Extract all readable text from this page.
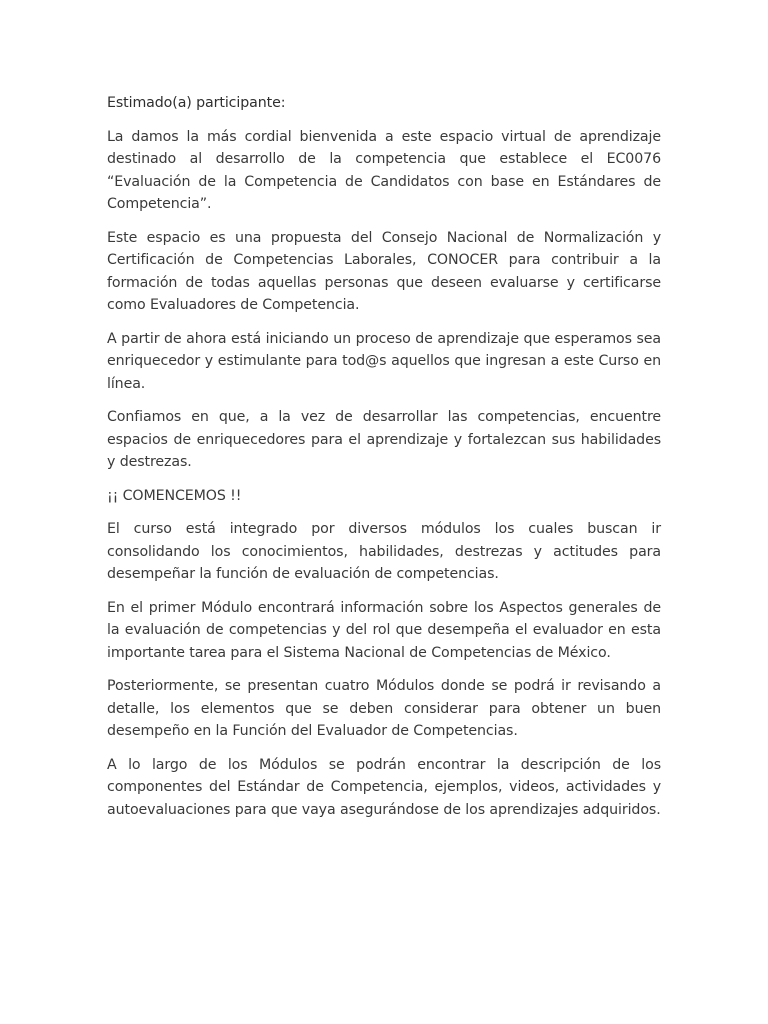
Estimado(a) participante:

La damos la más cordial bienvenida a este espacio virtual de aprendizaje destinado al desarrollo de la competencia que establece el EC0076 “Evaluación de la Competencia de Candidatos con base en Estándares de Competencia”.

Este espacio es una propuesta del Consejo Nacional de Normalización y Certificación de Competencias Laborales, CONOCER para contribuir a la formación de todas aquellas personas que deseen evaluarse y certificarse como Evaluadores de Competencia.

A partir de ahora está iniciando un proceso de aprendizaje que esperamos sea enriquecedor y estimulante para tod@s aquellos que ingresan a este Curso en línea.

Confiamos en que, a la vez de desarrollar las competencias, encuentre espacios de enriquecedores para el aprendizaje y fortalezcan sus habilidades y destrezas.

¡¡ COMENCEMOS !!

El curso está integrado por diversos módulos los cuales buscan ir consolidando los conocimientos, habilidades, destrezas y actitudes para desempeñar la función de evaluación de competencias.

En el primer Módulo encontrará información sobre los Aspectos generales de la evaluación de competencias y del rol que desempeña el evaluador en esta importante tarea para el Sistema Nacional de Competencias de México.

Posteriormente, se presentan cuatro Módulos donde se podrá ir revisando a detalle, los elementos que se deben considerar para obtener un buen desempeño en la Función del Evaluador de Competencias.

A lo largo de los Módulos se podrán encontrar la descripción de los componentes del Estándar de Competencia, ejemplos, videos, actividades y autoevaluaciones para que vaya asegurándose de los aprendizajes adquiridos.
